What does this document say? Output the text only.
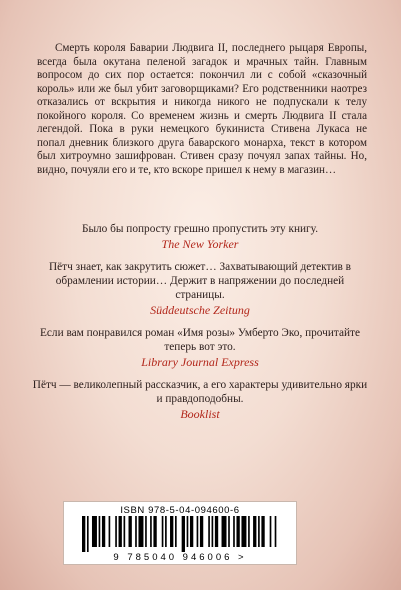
Смерть короля Баварии Людвига II, последнего рыцаря Европы, всегда была окутана пеленой загадок и мрачных тайн. Главным вопросом до сих пор остается: покончил ли с собой «сказочный король» или же был убит заговорщиками? Его родственники наотрез отказались от вскрытия и никогда никого не подпускали к телу покойного короля. Со временем жизнь и смерть Людвига II стала легендой. Пока в руки немецкого букиниста Стивена Лукаса не попал дневник близкого друга баварского монарха, текст в котором был хитроумно зашифрован. Стивен сразу почуял запах тайны. Но, видно, почуяли его и те, кто вскоре пришел к нему в магазин…

Было бы попросту грешно пропустить эту книгу.

The New Yorker

Пётч знает, как закрутить сюжет… Захватывающий детектив в обрамлении истории… Держит в напряжении до последней страницы.

Süddeutsche Zeitung

Если вам понравился роман «Имя розы» Умберто Эко, прочитайте теперь вот это.

Library Journal Express

Пётч — великолепный рассказчик, а его характеры удивительно ярки и правдоподобны.

Booklist

ISBN 978-5-04-094600-6
9 785040 946006 >
